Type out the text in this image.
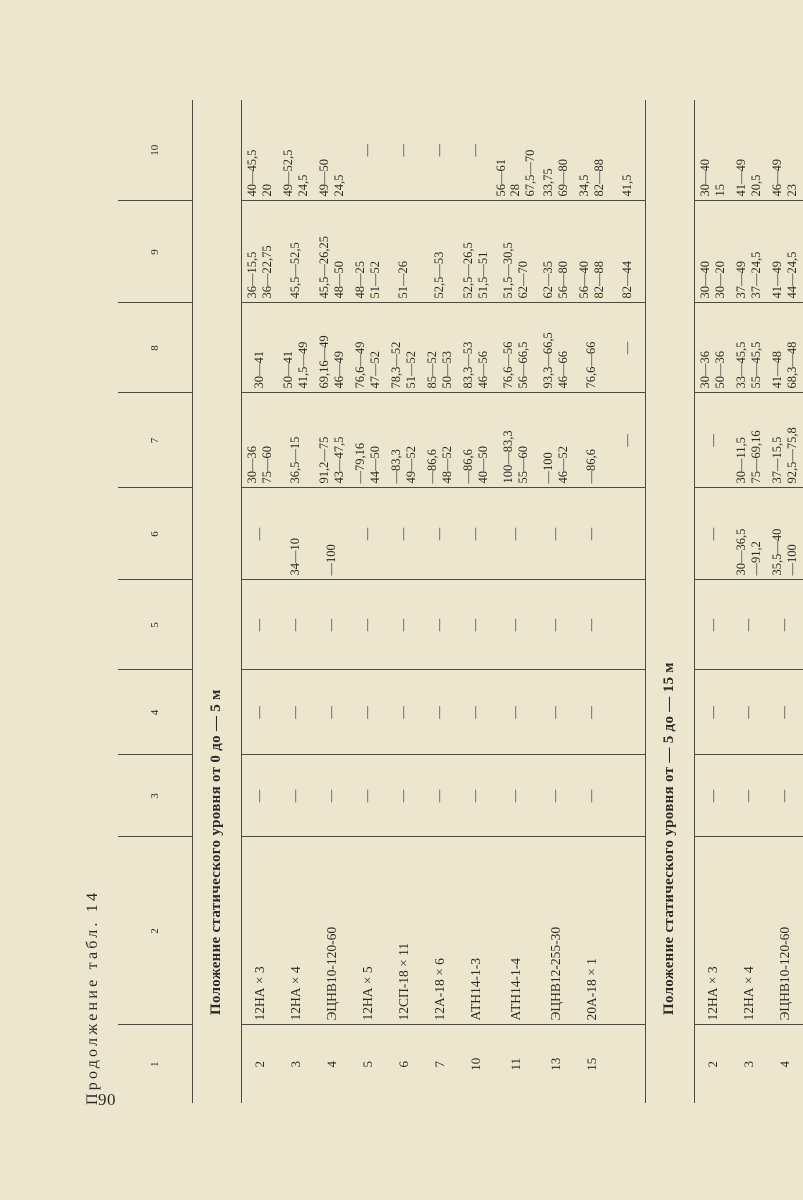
90
Продолжение табл. 14	1	2	3	4	5	6	7	8	9	10
Положение статического уровня от 0 до — 5 м									
2	12НА × 3	—	—	—	—	30—36 75—60	30—41	36—15,5 36—22,75	40—45,5 20

3	12НА × 4	—	—	—	34—10	36,5—15	50—41 41,5—49	45,5—52,5	49—52,5 24,5

4	ЭЦНВ10-120-60	—	—	—	—100	91,2—75 43—47,5	69,16—49 46—49	45,5—26,25 48—50	49—50 24,5

5	12НА × 5	—	—	—	—	—79,16 44—50	76,6—49 47—52	48—25 51—52	—

6	12СП-18 × 11	—	—	—	—	—83,3 49—52	78,3—52 51—52	51—26	—

7	12А-18 × 6	—	—	—	—	—86,6 48—52	85—52 50—53	52,5—53	—

10	АТН14-1-3	—	—	—	—	—86,6 40—50	83,3—53 46—56	52,5—26,5 51,5—51	—

11	АТН14-1-4	—	—	—	—	100—83,3 55—60	76,6—56 56—66,5	51,5—30,5 62—70	56—61 28 67,5—70

13	ЭЦНВ12-255-30	—	—	—	—	—100 46—52	93,3—66,5 46—66	62—35 56—80	33,75 69—80

15	20А-18 × 1	—	—	—	—	—86,6	76,6—66	56—40 82—88	34,5 82—88

						—	—	82—44	41,5

Положение статического уровня от — 5 до — 15 м									
2	12НА × 3	—	—	—	—	—	30—36 50—36	30—40 30—20	30—40 15

3	12НА × 4	—	—	—	30—36,5 —91,2	30—11,5 75—69,16	33—45,5 55—45,5	37—49 37—24,5	41—49 20,5

4	ЭЦНВ10-120-60	—	—	—	35,5—40 —100	37—15,5 92,5—75,8	41—48 68,3—48	41—49 44—24,5	46—49 23
